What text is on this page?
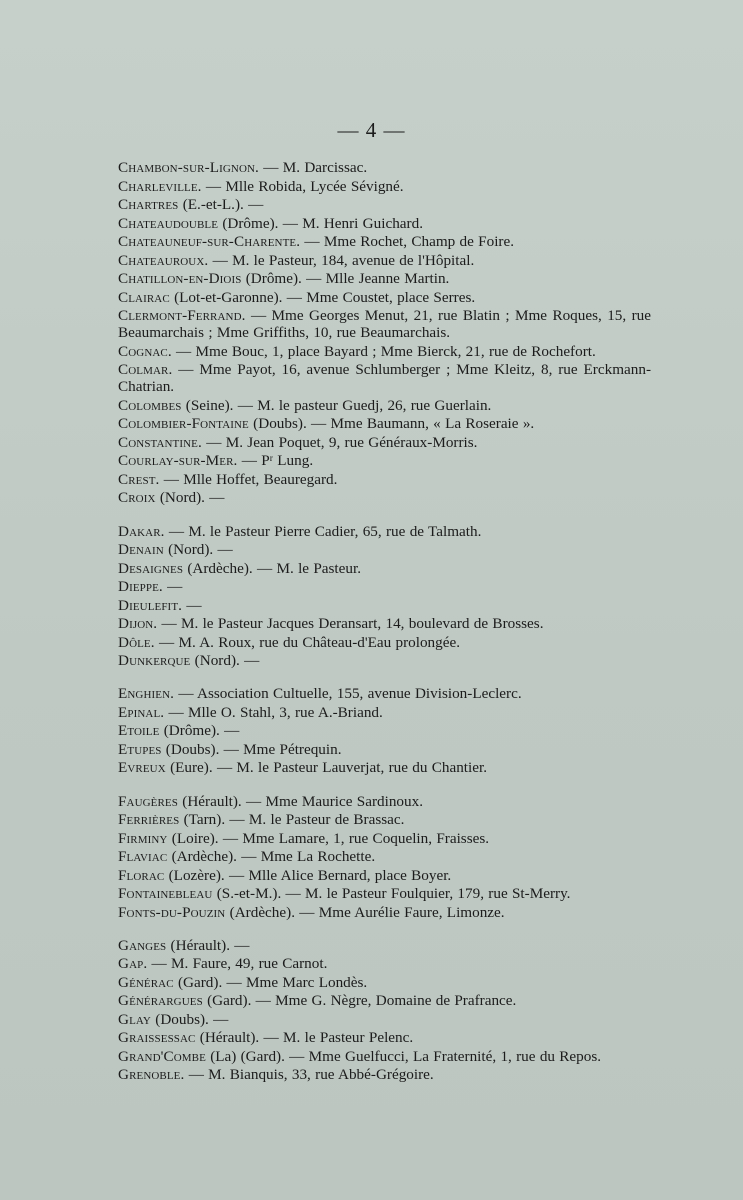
— 4 —
Chambon-sur-Lignon. — M. Darcissac.
Charleville. — Mlle Robida, Lycée Sévigné.
Chartres (E.-et-L.). —
Chateaudouble (Drôme). — M. Henri Guichard.
Chateauneuf-sur-Charente. — Mme Rochet, Champ de Foire.
Chateauroux. — M. le Pasteur, 184, avenue de l'Hôpital.
Chatillon-en-Diois (Drôme). — Mlle Jeanne Martin.
Clairac (Lot-et-Garonne). — Mme Coustet, place Serres.
Clermont-Ferrand. — Mme Georges Menut, 21, rue Blatin ; Mme Roques, 15, rue Beaumarchais ; Mme Griffiths, 10, rue Beaumarchais.
Cognac. — Mme Bouc, 1, place Bayard ; Mme Bierck, 21, rue de Rochefort.
Colmar. — Mme Payot, 16, avenue Schlumberger ; Mme Kleitz, 8, rue Erckmann-Chatrian.
Colombes (Seine). — M. le pasteur Guedj, 26, rue Guerlain.
Colombier-Fontaine (Doubs). — Mme Baumann, « La Roseraie ».
Constantine. — M. Jean Poquet, 9, rue Généraux-Morris.
Courlay-sur-Mer. — Pʳ Lung.
Crest. — Mlle Hoffet, Beauregard.
Croix (Nord). —
Dakar. — M. le Pasteur Pierre Cadier, 65, rue de Talmath.
Denain (Nord). —
Desaignes (Ardèche). — M. le Pasteur.
Dieppe. —
Dieulefit. —
Dijon. — M. le Pasteur Jacques Deransart, 14, boulevard de Brosses.
Dôle. — M. A. Roux, rue du Château-d'Eau prolongée.
Dunkerque (Nord). —
Enghien. — Association Cultuelle, 155, avenue Division-Leclerc.
Epinal. — Mlle O. Stahl, 3, rue A.-Briand.
Etoile (Drôme). —
Etupes (Doubs). — Mme Pétrequin.
Evreux (Eure). — M. le Pasteur Lauverjat, rue du Chantier.
Faugères (Hérault). — Mme Maurice Sardinoux.
Ferrières (Tarn). — M. le Pasteur de Brassac.
Firminy (Loire). — Mme Lamare, 1, rue Coquelin, Fraisses.
Flaviac (Ardèche). — Mme La Rochette.
Florac (Lozère). — Mlle Alice Bernard, place Boyer.
Fontainebleau (S.-et-M.). — M. le Pasteur Foulquier, 179, rue St-Merry.
Fonts-du-Pouzin (Ardèche). — Mme Aurélie Faure, Limonze.
Ganges (Hérault). —
Gap. — M. Faure, 49, rue Carnot.
Générac (Gard). — Mme Marc Londès.
Générargues (Gard). — Mme G. Nègre, Domaine de Prafrance.
Glay (Doubs). —
Graissessac (Hérault). — M. le Pasteur Pelenc.
Grand'Combe (La) (Gard). — Mme Guelfucci, La Fraternité, 1, rue du Repos.
Grenoble. — M. Bianquis, 33, rue Abbé-Grégoire.
